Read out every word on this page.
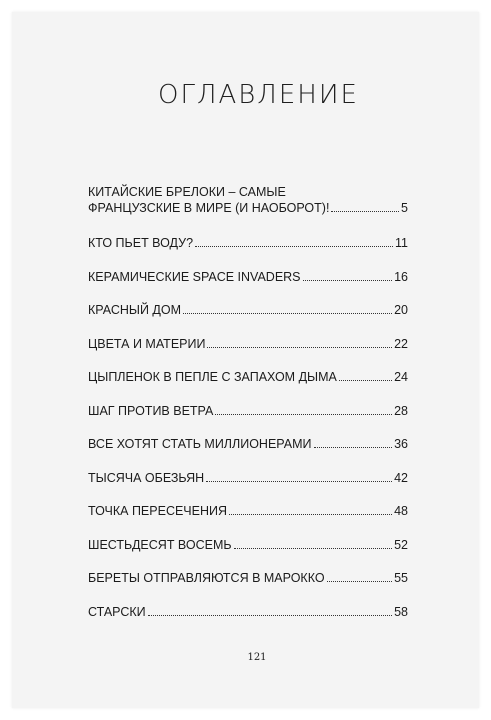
ОГЛАВЛЕНИЕ
КИТАЙСКИЕ БРЕЛОКИ – САМЫЕ
ФРАНЦУЗСКИЕ В МИРЕ (И НАОБОРОТ)!	5
КТО ПЬЕТ ВОДУ?	11
КЕРАМИЧЕСКИЕ SPACE INVADERS	16
КРАСНЫЙ ДОМ	20
ЦВЕТА И МАТЕРИИ	22
ЦЫПЛЕНОК В ПЕПЛЕ С ЗАПАХОМ ДЫМА	24
ШАГ ПРОТИВ ВЕТРА	28
ВСЕ ХОТЯТ СТАТЬ МИЛЛИОНЕРАМИ	36
ТЫСЯЧА ОБЕЗЬЯН	42
ТОЧКА ПЕРЕСЕЧЕНИЯ	48
ШЕСТЬДЕСЯТ ВОСЕМЬ	52
БЕРЕТЫ ОТПРАВЛЯЮТСЯ В МАРОККО	55
СТАРСКИ	58
121
